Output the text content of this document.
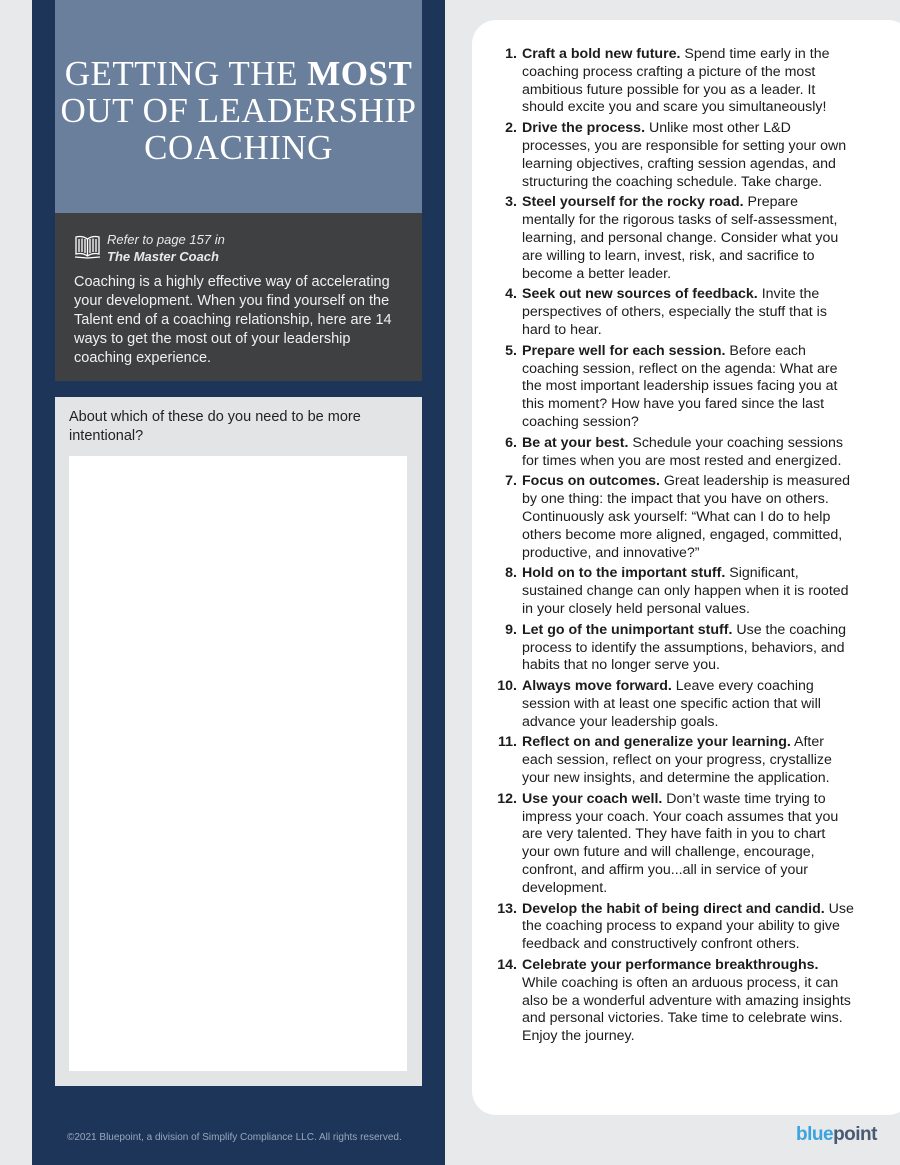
GETTING THE MOST
OUT OF LEADERSHIP
COACHING
Refer to page 157 in
The Master Coach

Coaching is a highly effective way of accelerating your development. When you find yourself on the Talent end of a coaching relationship, here are 14 ways to get the most out of your leadership coaching experience.

About which of these do you need to be more intentional?

©2021 Bluepoint, a division of Simplify Compliance LLC. All rights reserved.
1. Craft a bold new future. Spend time early in the coaching process crafting a picture of the most ambitious future possible for you as a leader. It should excite you and scare you simultaneously!
2. Drive the process. Unlike most other L&D processes, you are responsible for setting your own learning objectives, crafting session agendas, and structuring the coaching schedule. Take charge.
3. Steel yourself for the rocky road. Prepare mentally for the rigorous tasks of self-assessment, learning, and personal change. Consider what you are willing to learn, invest, risk, and sacrifice to become a better leader.
4. Seek out new sources of feedback. Invite the perspectives of others, especially the stuff that is hard to hear.
5. Prepare well for each session. Before each coaching session, reflect on the agenda: What are the most important leadership issues facing you at this moment? How have you fared since the last coaching session?
6. Be at your best. Schedule your coaching sessions for times when you are most rested and energized.
7. Focus on outcomes. Great leadership is measured by one thing: the impact that you have on others. Continuously ask yourself: “What can I do to help others become more aligned, engaged, committed, productive, and innovative?”
8. Hold on to the important stuff. Significant, sustained change can only happen when it is rooted in your closely held personal values.
9. Let go of the unimportant stuff. Use the coaching process to identify the assumptions, behaviors, and habits that no longer serve you.
10. Always move forward. Leave every coaching session with at least one specific action that will advance your leadership goals.
11. Reflect on and generalize your learning. After each session, reflect on your progress, crystallize your new insights, and determine the application.
12. Use your coach well. Don’t waste time trying to impress your coach. Your coach assumes that you are very talented. They have faith in you to chart your own future and will challenge, encourage, confront, and affirm you...all in service of your development.
13. Develop the habit of being direct and candid. Use the coaching process to expand your ability to give feedback and constructively confront others.
14. Celebrate your performance breakthroughs. While coaching is often an arduous process, it can also be a wonderful adventure with amazing insights and personal victories. Take time to celebrate wins. Enjoy the journey.
bluepoint
